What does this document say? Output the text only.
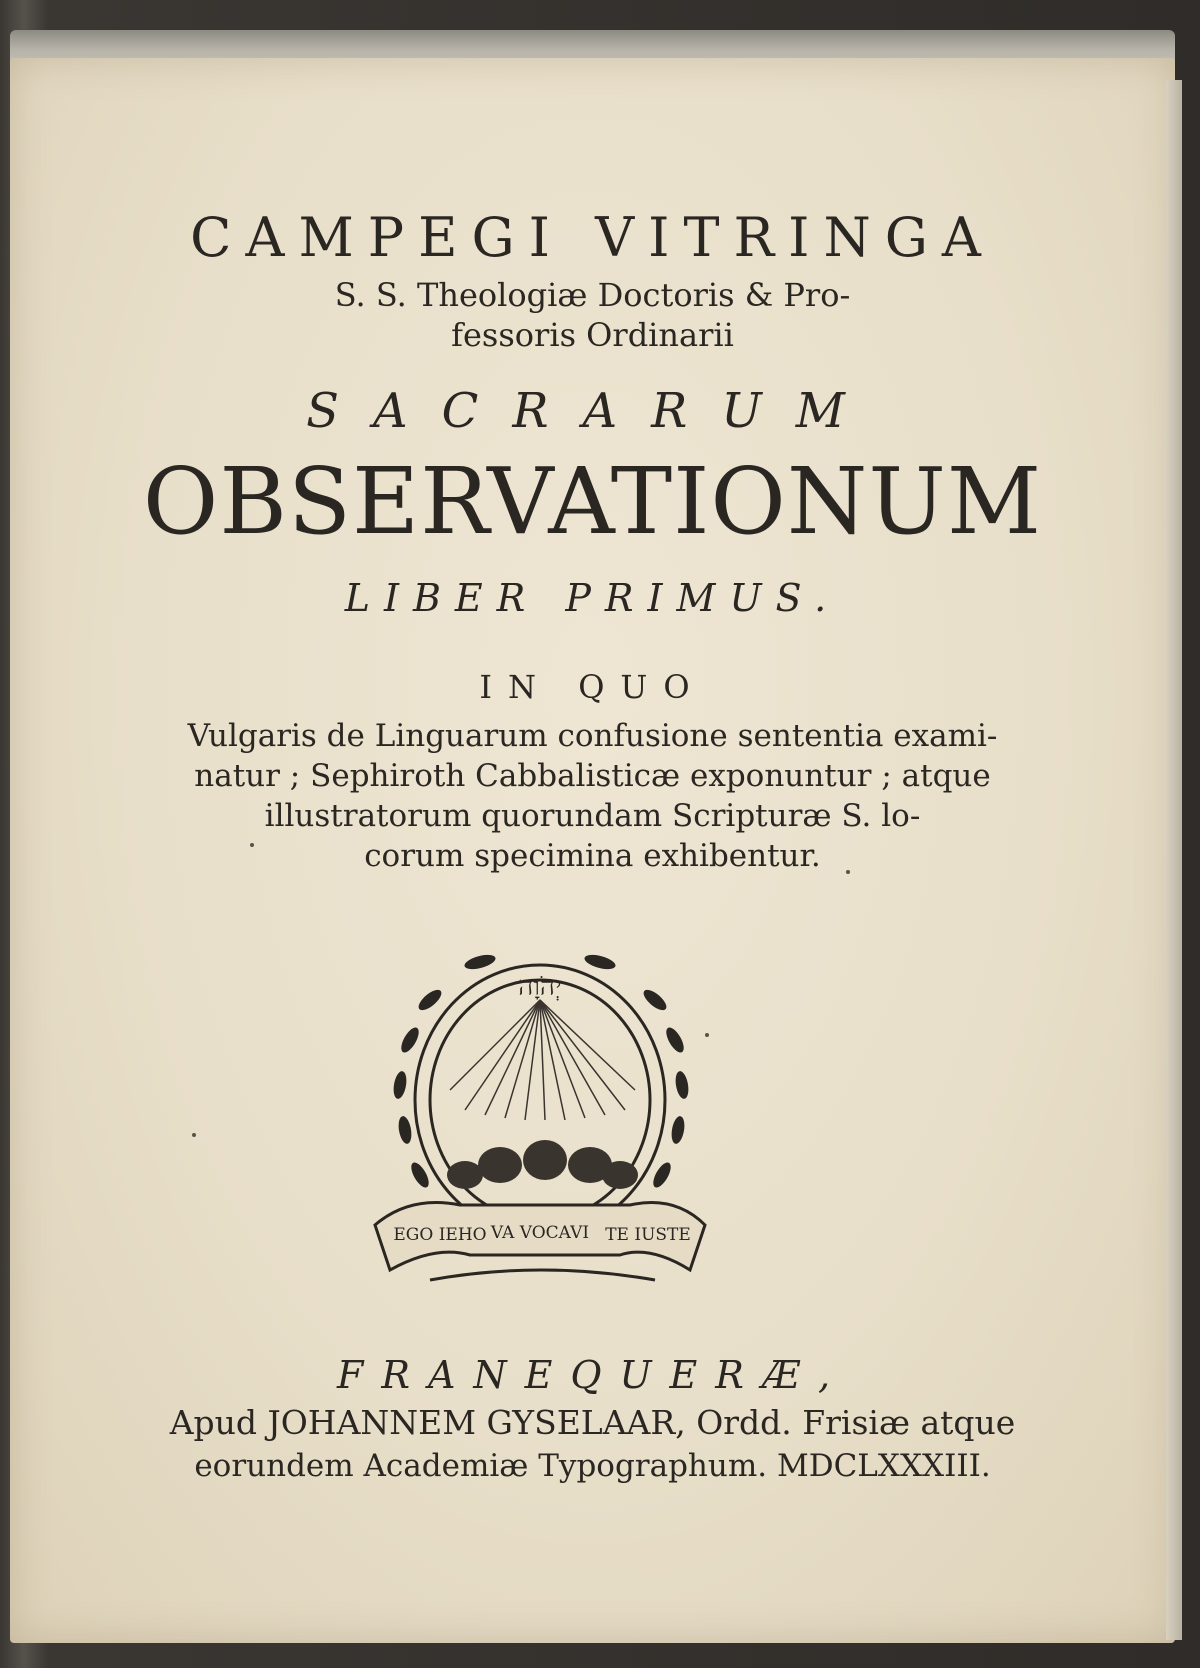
CAMPEGI VITRINGA
S. S. Theologiæ Doctoris & Pro-
fessoris Ordinarii
SACRARUM
OBSERVATIONUM
LIBER PRIMUS.
IN QUO
Vulgaris de Linguarum confusione sententia exami-
natur ; Sephiroth Cabbalisticæ exponuntur ; atque
illustratorum quorundam Scripturæ S. lo-
corum specimina exhibentur.
יְהֹוָה
EGO IEHO VA VOCAVI TE IUSTE
FRANEQUERÆ,
Apud JOHANNEM GYSELAAR, Ordd. Frisiæ atque
eorundem Academiæ Typographum. MDCLXXXIII.
